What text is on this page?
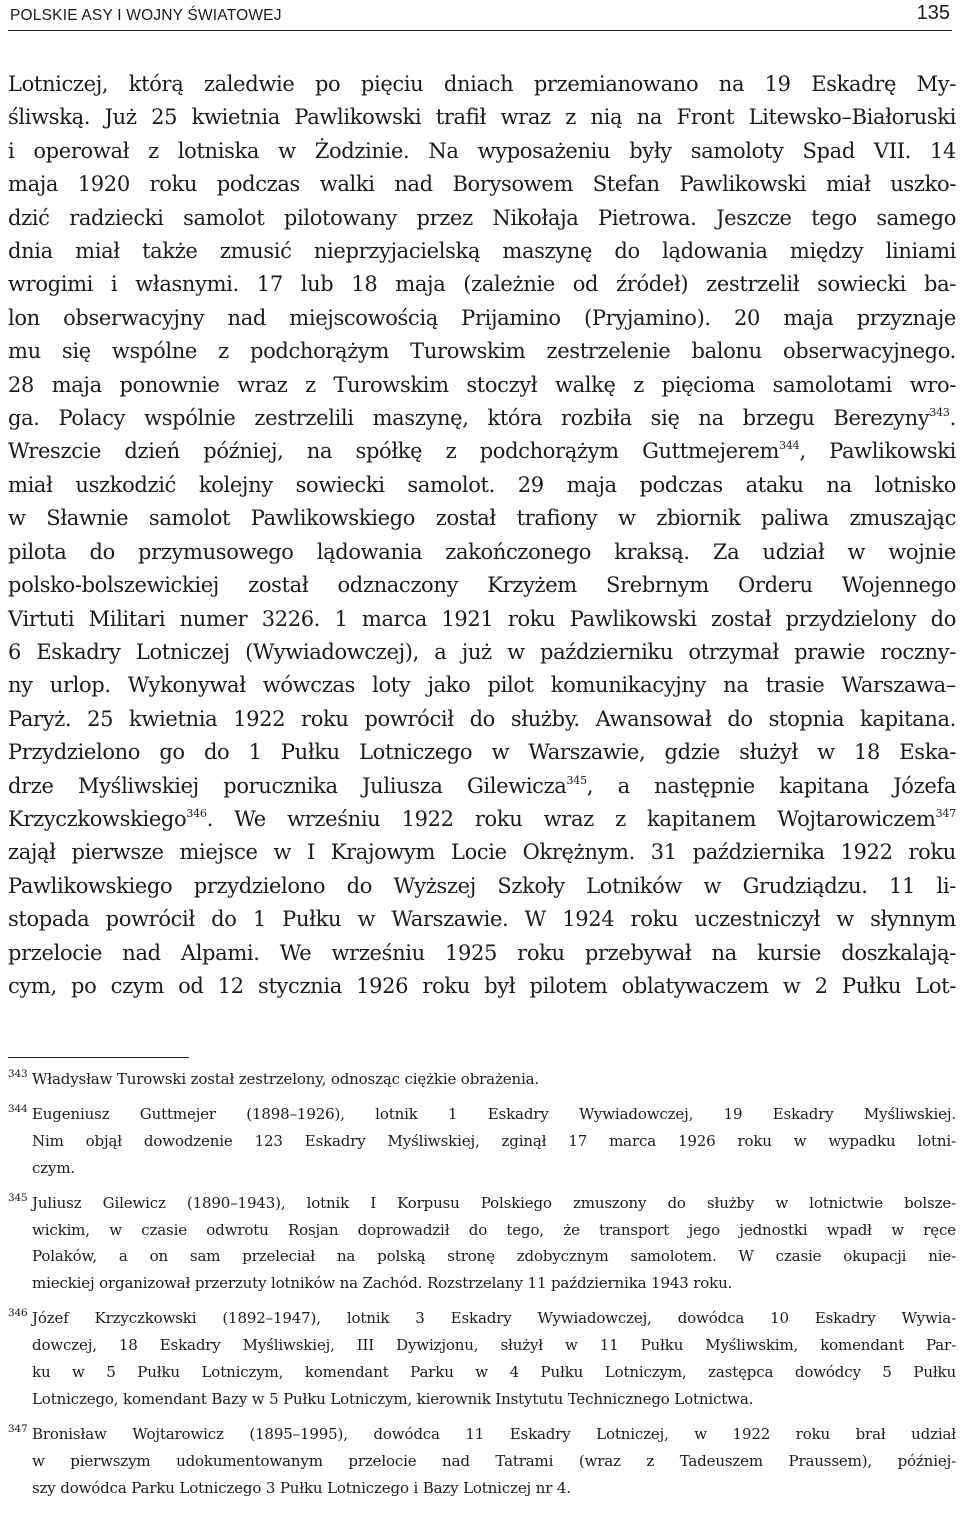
POLSKIE ASY I WOJNY ŚWIATOWEJ	135
Lotniczej, którą zaledwie po pięciu dniach przemianowano na 19 Eskadrę My-
śliwską. Już 25 kwietnia Pawlikowski trafił wraz z nią na Front Litewsko–Białoruski
i operował z lotniska w Żodzinie. Na wyposażeniu były samoloty Spad VII. 14
maja 1920 roku podczas walki nad Borysowem Stefan Pawlikowski miał uszko-
dzić radziecki samolot pilotowany przez Nikołaja Pietrowa. Jeszcze tego samego
dnia miał także zmusić nieprzyjacielską maszynę do lądowania między liniami
wrogimi i własnymi. 17 lub 18 maja (zależnie od źródeł) zestrzelił sowiecki ba-
lon obserwacyjny nad miejscowością Prijamino (Pryjamino). 20 maja przyznaje
mu się wspólne z podchorążym Turowskim zestrzelenie balonu obserwacyjnego.
28 maja ponownie wraz z Turowskim stoczył walkę z pięcioma samolotami wro-
ga. Polacy wspólnie zestrzelili maszynę, która rozbiła się na brzegu Berezyny$^{343}$.
Wreszcie dzień później, na spółkę z podchorążym Guttmejerem$^{344}$, Pawlikowski
miał uszkodzić kolejny sowiecki samolot. 29 maja podczas ataku na lotnisko
w Sławnie samolot Pawlikowskiego został trafiony w zbiornik paliwa zmuszając
pilota do przymusowego lądowania zakończonego kraksą. Za udział w wojnie
polsko-bolszewickiej został odznaczony Krzyżem Srebrnym Orderu Wojennego
Virtuti Militari numer 3226. 1 marca 1921 roku Pawlikowski został przydzielony do
6 Eskadry Lotniczej (Wywiadowczej), a już w październiku otrzymał prawie roczny-
ny urlop. Wykonywał wówczas loty jako pilot komunikacyjny na trasie Warszawa–
Paryż. 25 kwietnia 1922 roku powrócił do służby. Awansował do stopnia kapitana.
Przydzielono go do 1 Pułku Lotniczego w Warszawie, gdzie służył w 18 Eska-
drze Myśliwskiej porucznika Juliusza Gilewicza$^{345}$, a następnie kapitana Józefa
Krzyczkowskiego$^{346}$. We wrześniu 1922 roku wraz z kapitanem Wojtarowiczem$^{347}$
zajął pierwsze miejsce w I Krajowym Locie Okrężnym. 31 października 1922 roku
Pawlikowskiego przydzielono do Wyższej Szkoły Lotników w Grudziądzu. 11 li-
stopada powrócił do 1 Pułku w Warszawie. W 1924 roku uczestniczył w słynnym
przelocie nad Alpami. We wrześniu 1925 roku przebywał na kursie doszkalają-
cym, po czym od 12 stycznia 1926 roku był pilotem oblatywaczem w 2 Pułku Lot-
343 Władysław Turowski został zestrzelony, odnosząc ciężkie obrażenia.
344 Eugeniusz Guttmejer (1898–1926), lotnik 1 Eskadry Wywiadowczej, 19 Eskadry Myśliwskiej.
Nim objął dowodzenie 123 Eskadry Myśliwskiej, zginął 17 marca 1926 roku w wypadku lotni-
czym.
345 Juliusz Gilewicz (1890–1943), lotnik I Korpusu Polskiego zmuszony do służby w lotnictwie bolsze-
wickim, w czasie odwrotu Rosjan doprowadził do tego, że transport jego jednostki wpadł w ręce
Polaków, a on sam przeleciał na polską stronę zdobycznym samolotem. W czasie okupacji nie-
mieckiej organizował przerzuty lotników na Zachód. Rozstrzelany 11 października 1943 roku.
346 Józef Krzyczkowski (1892–1947), lotnik 3 Eskadry Wywiadowczej, dowódca 10 Eskadry Wywia-
dowczej, 18 Eskadry Myśliwskiej, III Dywizjonu, służył w 11 Pułku Myśliwskim, komendant Par-
ku w 5 Pułku Lotniczym, komendant Parku w 4 Pułku Lotniczym, zastępca dowódcy 5 Pułku
Lotniczego, komendant Bazy w 5 Pułku Lotniczym, kierownik Instytutu Technicznego Lotnictwa.
347 Bronisław Wojtarowicz (1895–1995), dowódca 11 Eskadry Lotniczej, w 1922 roku brał udział
w pierwszym udokumentowanym przelocie nad Tatrami (wraz z Tadeuszem Praussem), później-
szy dowódca Parku Lotniczego 3 Pułku Lotniczego i Bazy Lotniczej nr 4.
